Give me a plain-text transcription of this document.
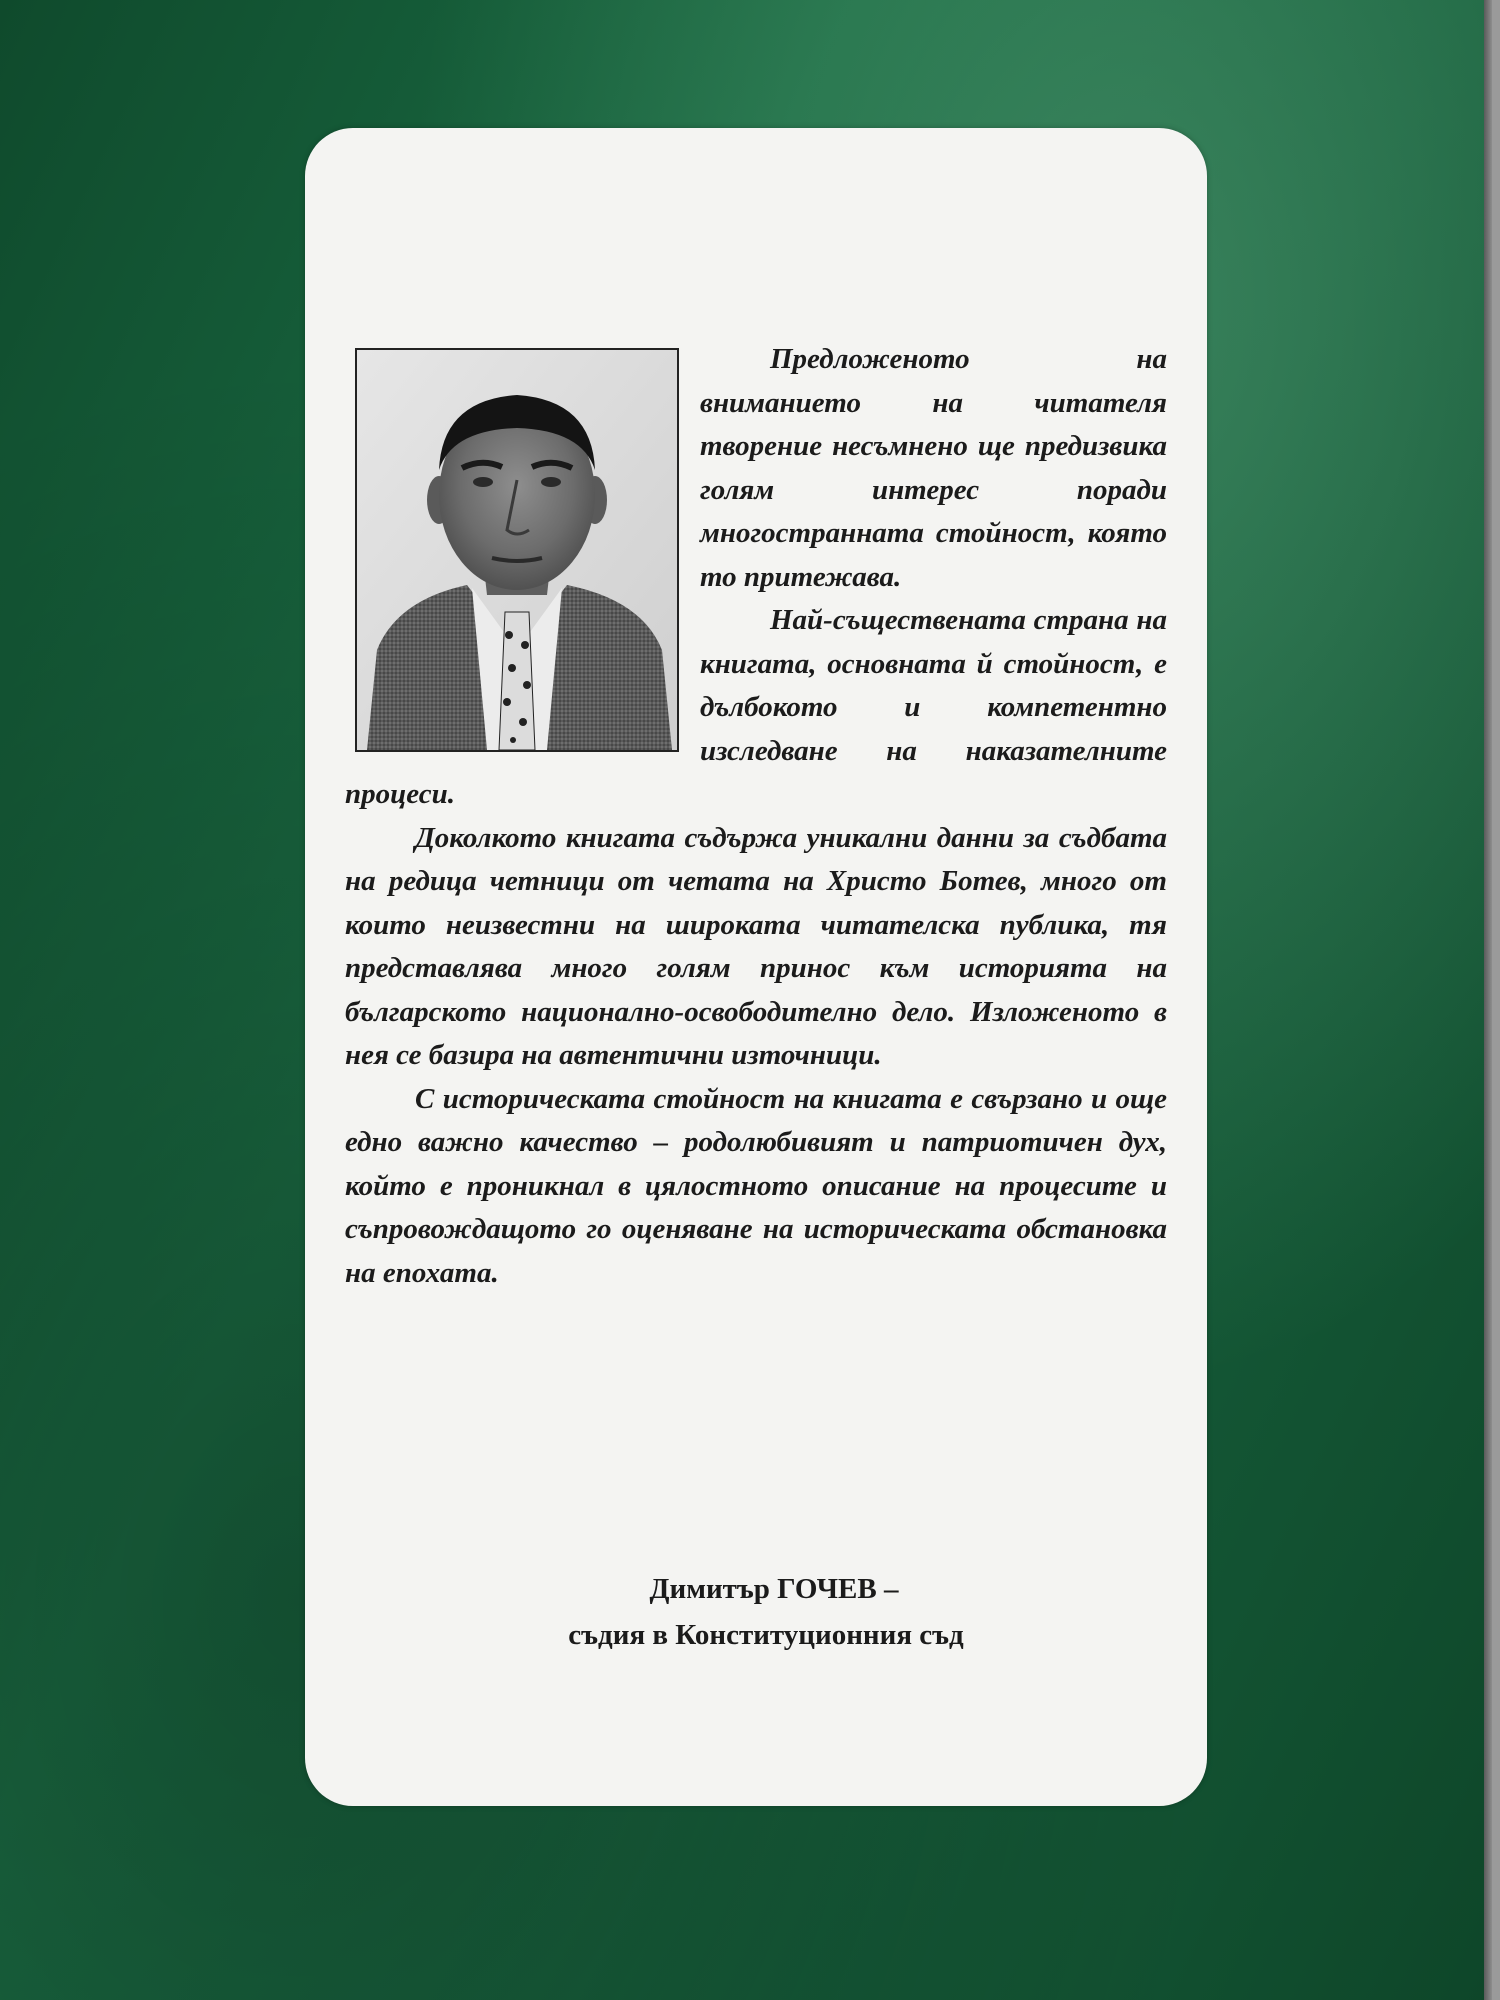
Предложеното на вниманието на читателя творение несъмнено ще предизвика голям интерес поради многостранната стойност, която то притежава.

Най-съществената страна на книгата, основната й стойност, е дълбокото и компетентно изследване на наказателните процеси.

Доколкото книгата съдържа уникални данни за съдбата на редица четници от четата на Христо Ботев, много от които неизвестни на широката читателска публика, тя представлява много голям принос към историята на българското национално-освободително дело. Изложеното в нея се базира на автентични източници.

С историческата стойност на книгата е свързано и още едно важно качество – родолюбивият и патриотичен дух, който е проникнал в цялостното описание на процесите и съпровождащото го оценяване на историческата обстановка на епохата.

Димитър ГОЧЕВ –
съдия в Конституционния съд
